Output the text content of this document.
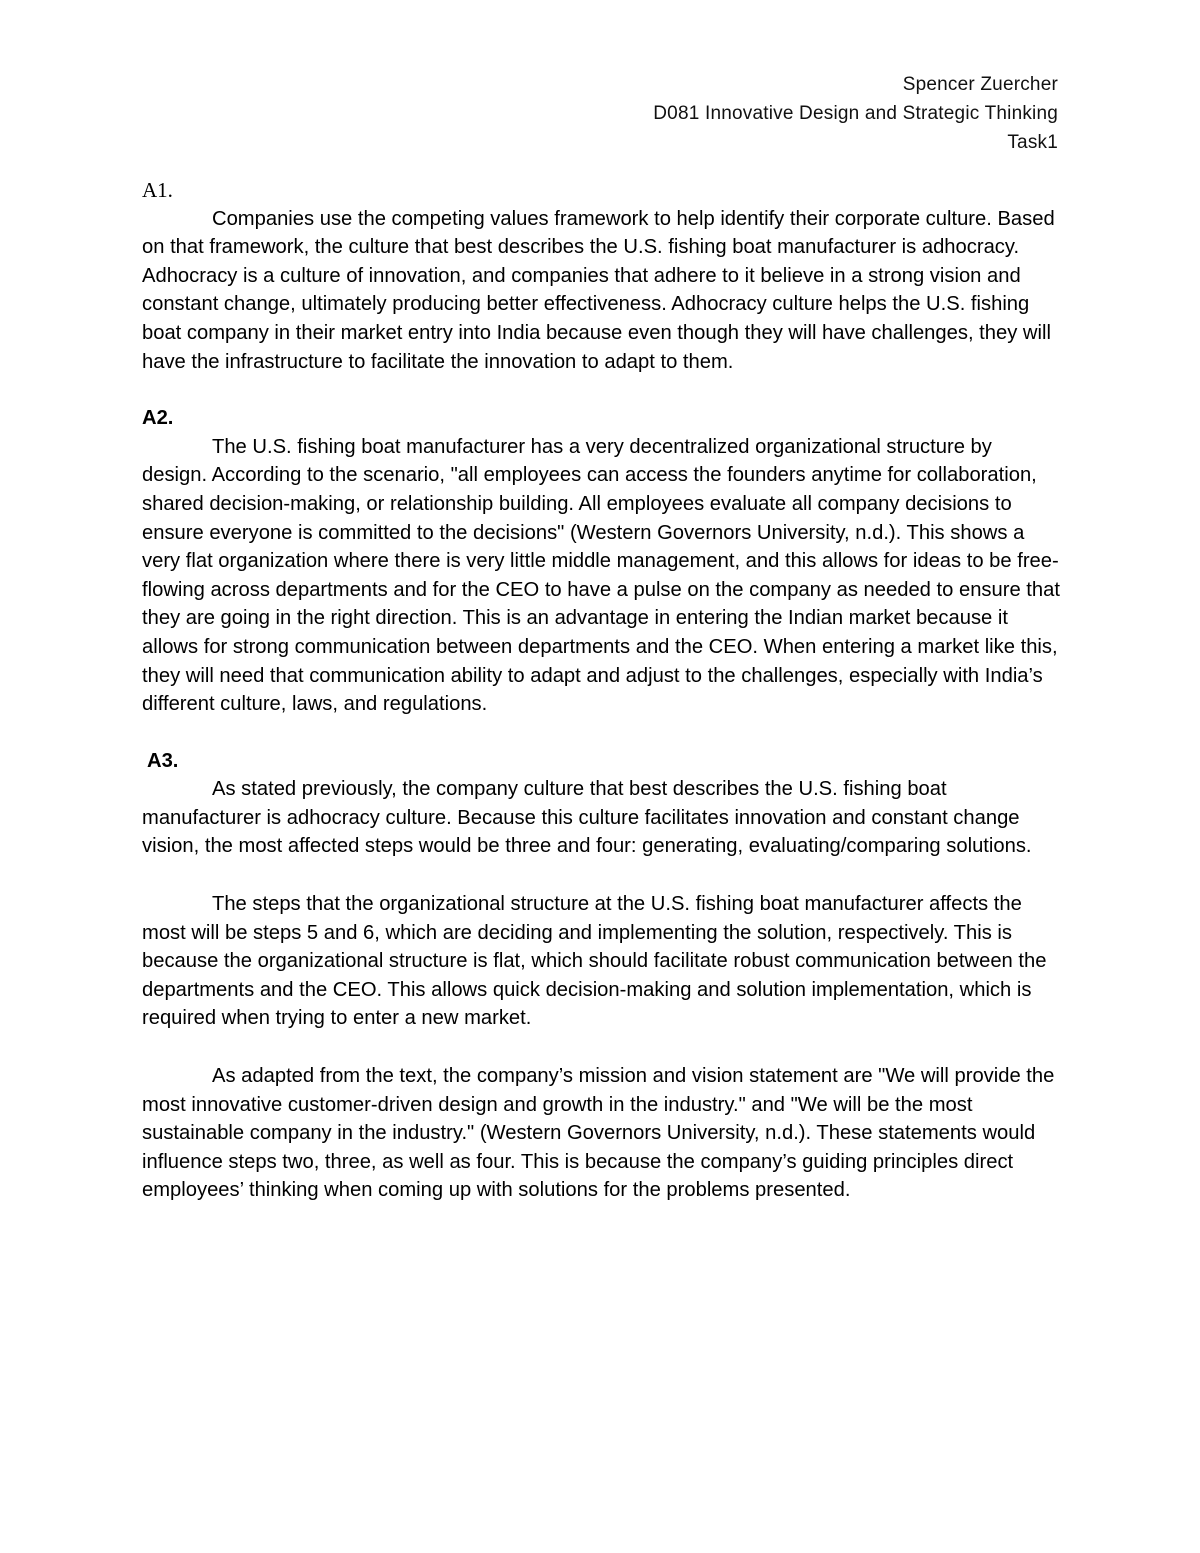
Spencer Zuercher
D081 Innovative Design and Strategic Thinking
Task1
A1.

Companies use the competing values framework to help identify their corporate culture. Based on that framework, the culture that best describes the U.S. fishing boat manufacturer is adhocracy. Adhocracy is a culture of innovation, and companies that adhere to it believe in a strong vision and constant change, ultimately producing better effectiveness. Adhocracy culture helps the U.S. fishing boat company in their market entry into India because even though they will have challenges, they will have the infrastructure to facilitate the innovation to adapt to them.

A2.

The U.S. fishing boat manufacturer has a very decentralized organizational structure by design. According to the scenario, "all employees can access the founders anytime for collaboration, shared decision-making, or relationship building. All employees evaluate all company decisions to ensure everyone is committed to the decisions" (Western Governors University, n.d.). This shows a very flat organization where there is very little middle management, and this allows for ideas to be free-flowing across departments and for the CEO to have a pulse on the company as needed to ensure that they are going in the right direction. This is an advantage in entering the Indian market because it allows for strong communication between departments and the CEO. When entering a market like this, they will need that communication ability to adapt and adjust to the challenges, especially with India’s different culture, laws, and regulations.

A3.

As stated previously, the company culture that best describes the U.S. fishing boat manufacturer is adhocracy culture. Because this culture facilitates innovation and constant change vision, the most affected steps would be three and four: generating, evaluating/comparing solutions.

The steps that the organizational structure at the U.S. fishing boat manufacturer affects the most will be steps 5 and 6, which are deciding and implementing the solution, respectively. This is because the organizational structure is flat, which should facilitate robust communication between the departments and the CEO. This allows quick decision-making and solution implementation, which is required when trying to enter a new market.

As adapted from the text, the company’s mission and vision statement are "We will provide the most innovative customer-driven design and growth in the industry." and "We will be the most sustainable company in the industry." (Western Governors University, n.d.). These statements would influence steps two, three, as well as four. This is because the company’s guiding principles direct employees’ thinking when coming up with solutions for the problems presented.
